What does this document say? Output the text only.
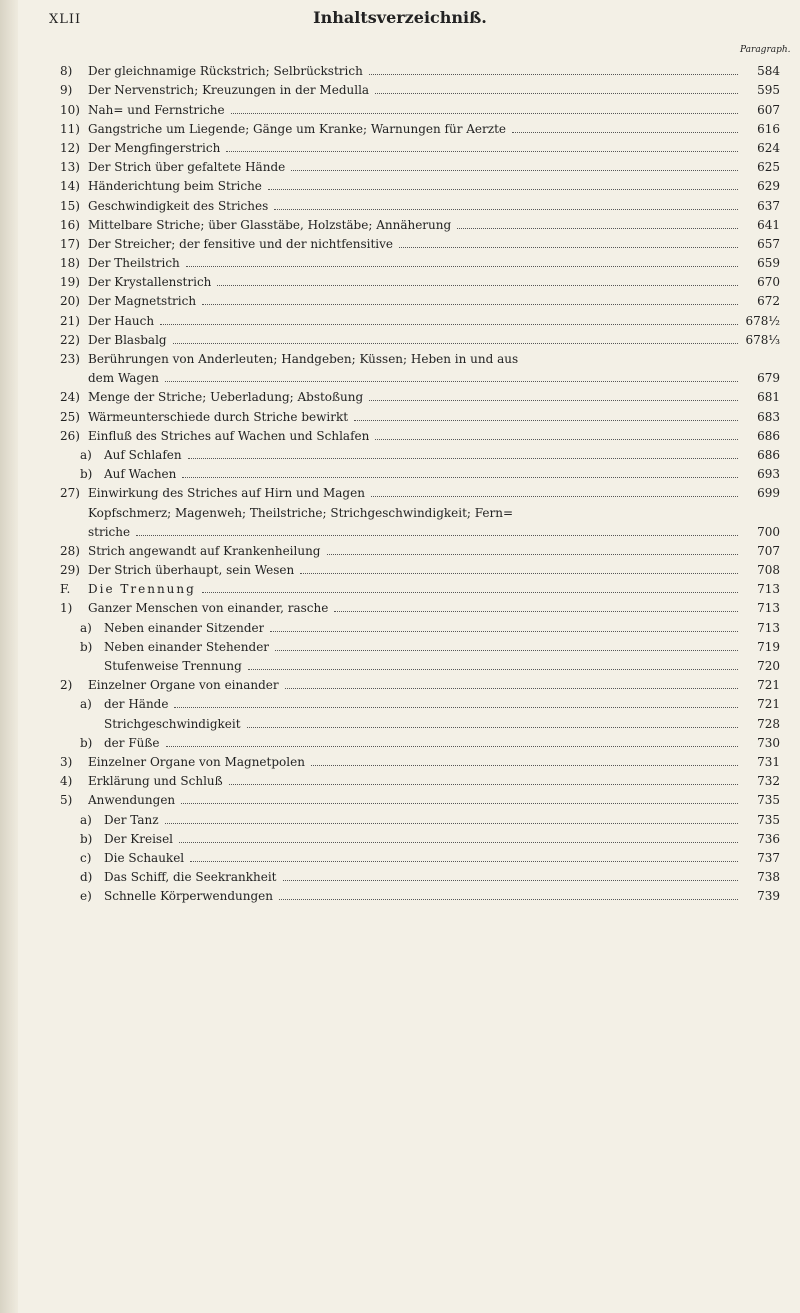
XLII	Inhaltsverzeichniß.
Paragraph.
8)	Der gleichnamige Rückstrich; Selbrückstrich	584
9)	Der Nervenstrich; Kreuzungen in der Medulla	595
10) Nah= und Fernstriche	607
11) Gangstriche um Liegende; Gänge um Kranke; Warnungen für Aerzte	616
12) Der Mengfingerstrich	624
13) Der Strich über gefaltete Hände	625
14) Händerichtung beim Striche	629
15) Geschwindigkeit des Striches	637
16) Mittelbare Striche; über Glasstäbe, Holzstäbe; Annäherung	641
17) Der Streicher; der fensitive und der nichtfensitive	657
18) Der Theilstrich	659
19) Der Krystallenstrich	670
20) Der Magnetstrich	672
21) Der Hauch	678½
22) Der Blasbalg	678⅓
23) Berührungen von Anderleuten; Handgeben; Küssen; Heben in und aus
dem Wagen	679
24) Menge der Striche; Ueberladung; Abstoßung	681
25) Wärmeunterschiede durch Striche bewirkt	683
26) Einfluß des Striches auf Wachen und Schlafen	686
a)	Auf Schlafen	686
b) Auf Wachen	693
27) Einwirkung des Striches auf Hirn und Magen	699
Kopfschmerz; Magenweh; Theilstriche; Strichgeschwindigkeit; Fern=
striche	700
28) Strich angewandt auf Krankenheilung	707
29) Der Strich überhaupt, sein Wesen	708
F.	Die Trennung	713
1)	Ganzer Menschen von einander, rasche	713
a)	Neben einander Sitzender	713
b) Neben einander Stehender	719
Stufenweise Trennung	720
2)	Einzelner Organe von einander	721
a)	der Hände	721
Strichgeschwindigkeit	728
b) der Füße	730
3)	Einzelner Organe von Magnetpolen	731
4)	Erklärung und Schluß	732
5)	Anwendungen	735
a)	Der Tanz	735
b) Der Kreisel	736
c)	Die Schaukel	737
d) Das Schiff, die Seekrankheit	738
e)	Schnelle Körperwendungen	739
